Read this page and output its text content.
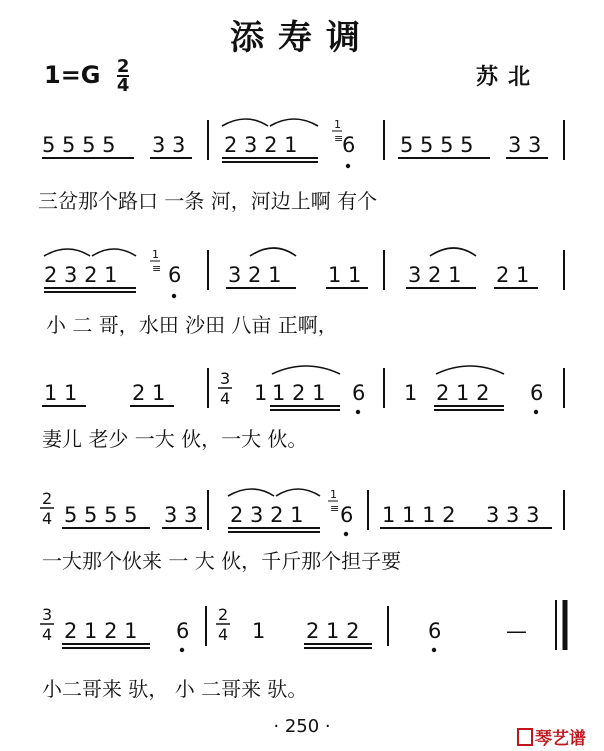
添寿调
$1=G \frac{2}{4}$	苏北
5 5 5 5 3 3 2 3 2 1 6 5 5 5 5 3 3
三岔那个路口 一条 河，河边上啊 有个
2 3 2 1 6 3 2 1 1 1 3 2 1 2 1
小 二 哥，水田 沙田 八亩 正啊，
1 1	2 1	1 1 2 1 6 1 2 1 2 6
妻儿 老少 一大 伙，一大 伙。
5 5 5 5 3 3 2 3 2 1 6 1 1 1 2 3 3 3
一大那个伙来 一 大 伙，千斤那个担子要
2 1 2 1 6	1 2 1 2	6	—
小二哥来 驮， 小 二哥来 驮。
1
≡
1
≡
1
≡
3
4
2
4
3
4
2
4
· 250 ·
琴艺谱
